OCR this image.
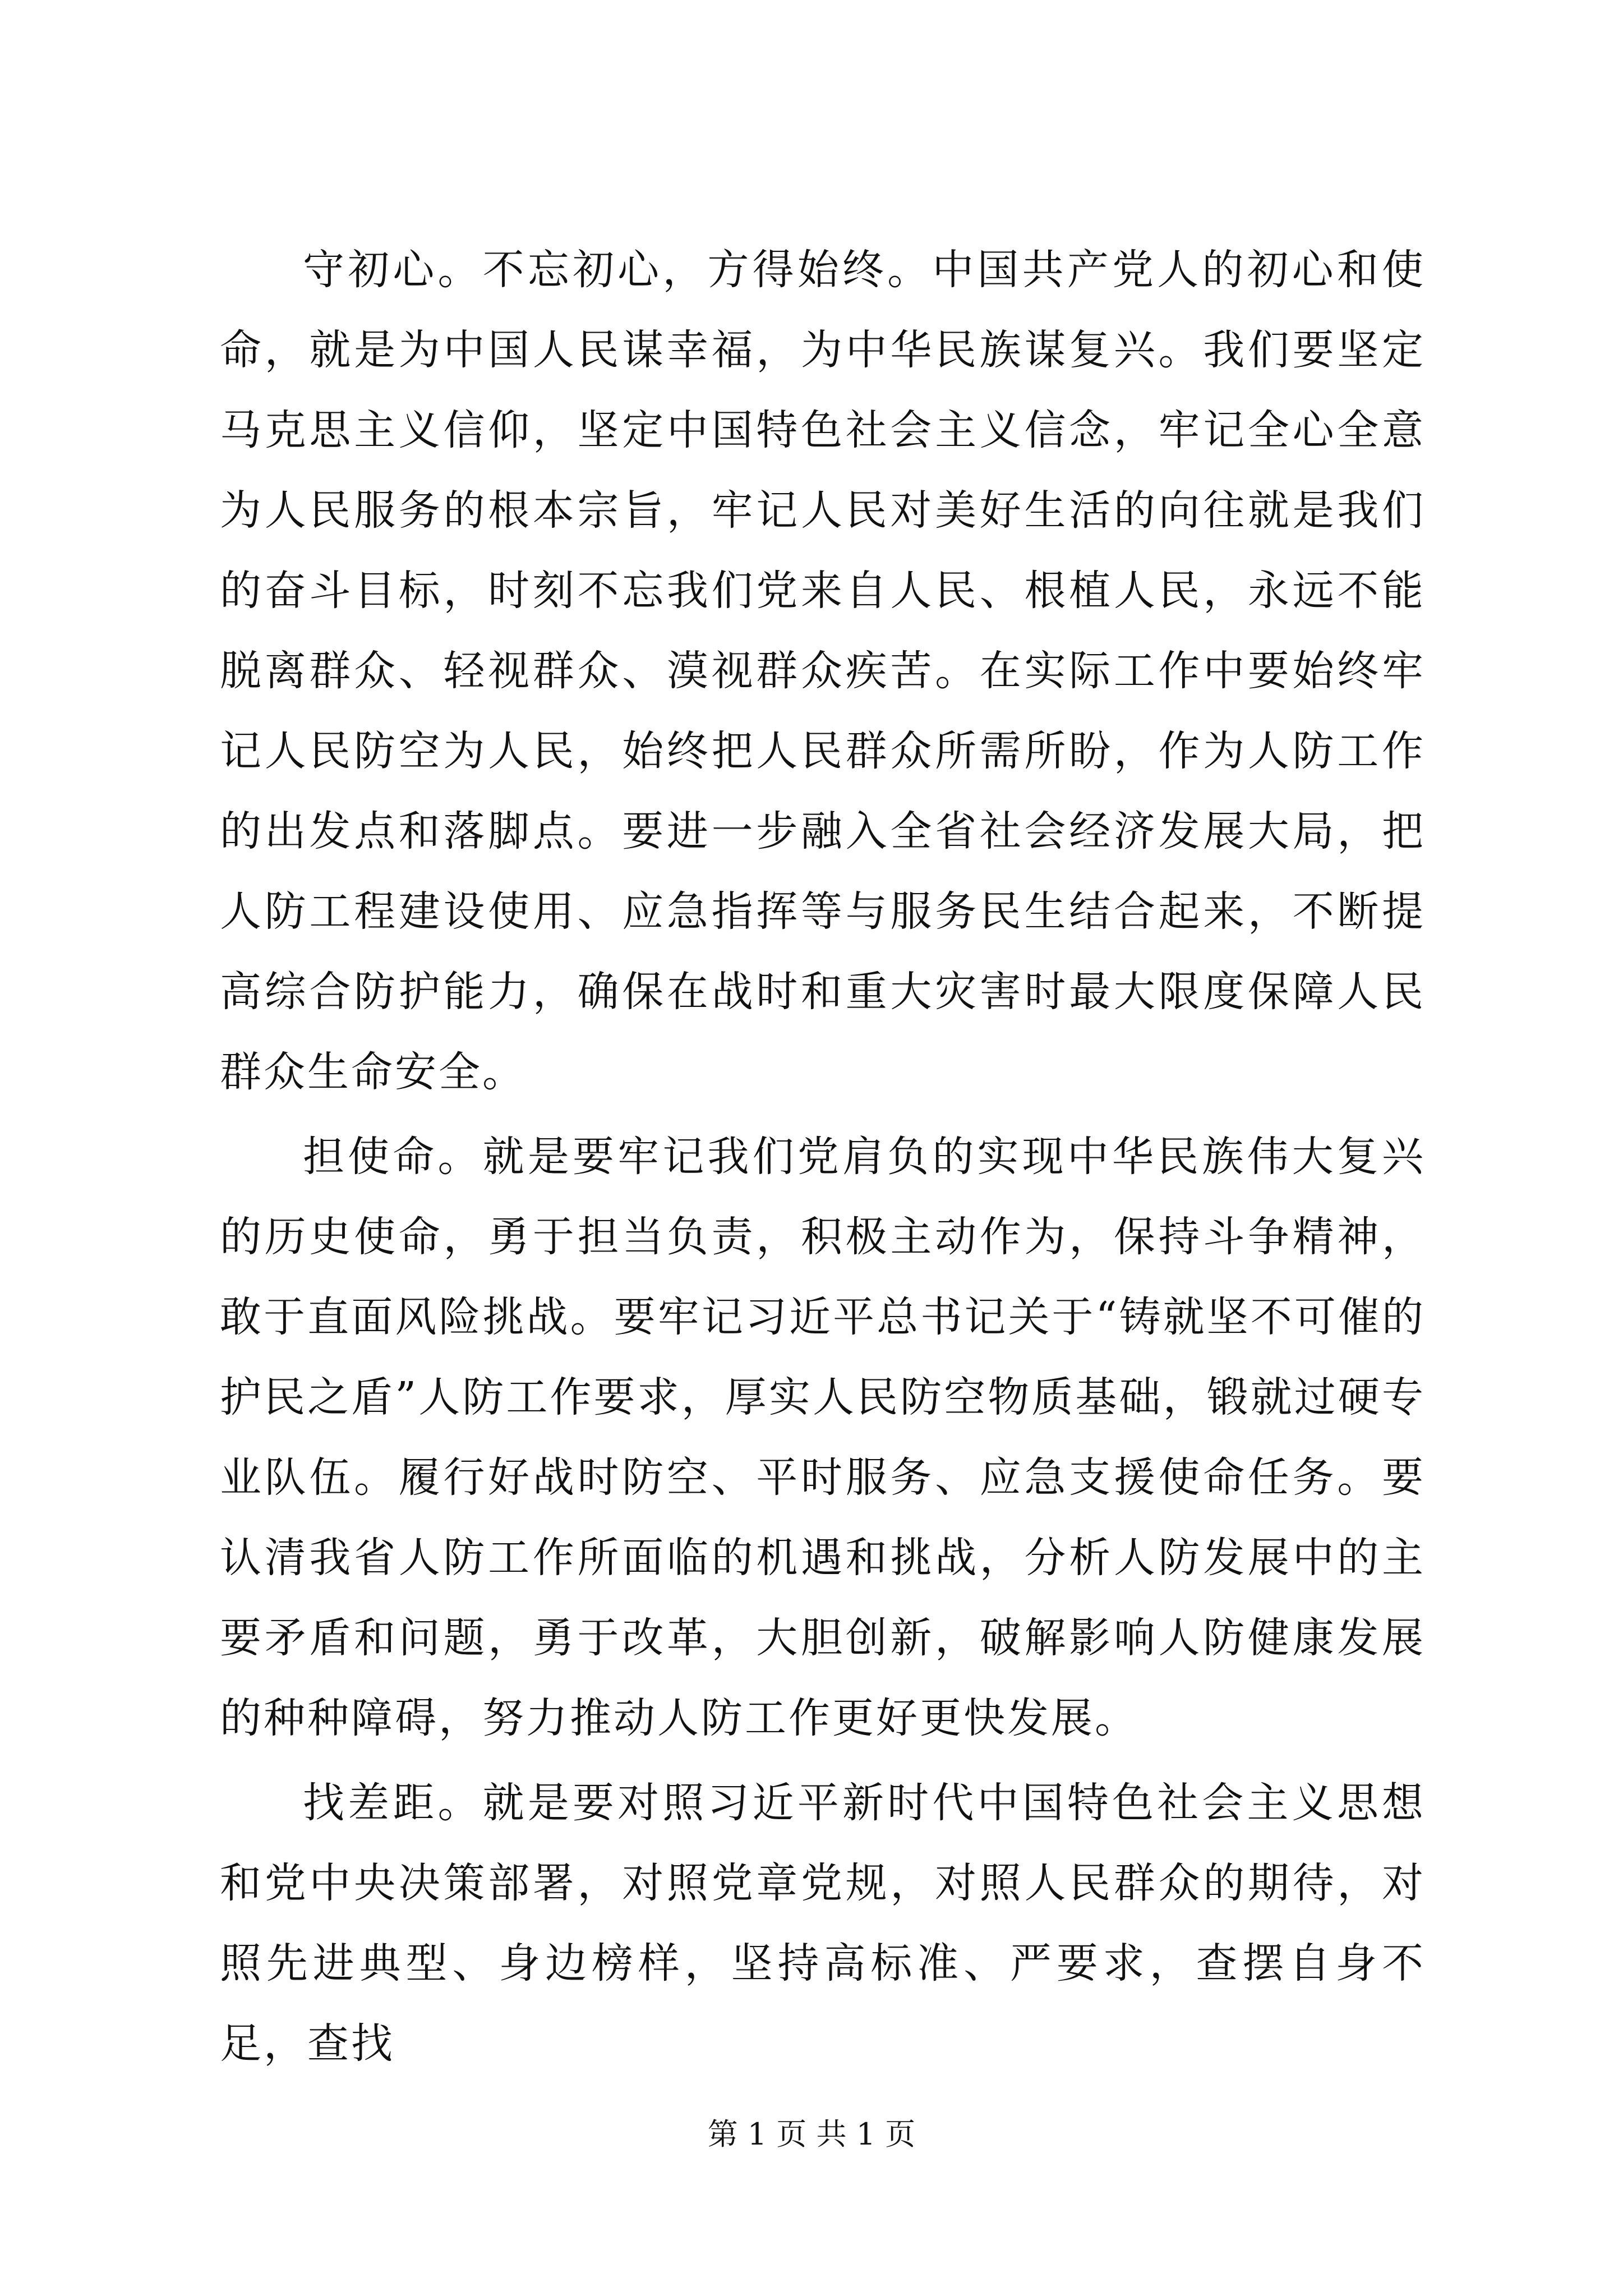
守初心。不忘初心，方得始终。中国共产党人的初心和使命，就是为中国人民谋幸福，为中华民族谋复兴。我们要坚定马克思主义信仰，坚定中国特色社会主义信念，牢记全心全意为人民服务的根本宗旨，牢记人民对美好生活的向往就是我们的奋斗目标，时刻不忘我们党来自人民、根植人民，永远不能脱离群众、轻视群众、漠视群众疾苦。在实际工作中要始终牢记人民防空为人民，始终把人民群众所需所盼，作为人防工作的出发点和落脚点。要进一步融入全省社会经济发展大局，把人防工程建设使用、应急指挥等与服务民生结合起来，不断提高综合防护能力，确保在战时和重大灾害时最大限度保障人民群众生命安全。

担使命。就是要牢记我们党肩负的实现中华民族伟大复兴的历史使命，勇于担当负责，积极主动作为，保持斗争精神，敢于直面风险挑战。要牢记习近平总书记关于“铸就坚不可催的护民之盾”人防工作要求，厚实人民防空物质基础，锻就过硬专业队伍。履行好战时防空、平时服务、应急支援使命任务。要认清我省人防工作所面临的机遇和挑战，分析人防发展中的主要矛盾和问题，勇于改革，大胆创新，破解影响人防健康发展的种种障碍，努力推动人防工作更好更快发展。

找差距。就是要对照习近平新时代中国特色社会主义思想和党中央决策部署，对照党章党规，对照人民群众的期待，对照先进典型、身边榜样，坚持高标准、严要求，查摆自身不足，查找

第 1 页 共 1 页
